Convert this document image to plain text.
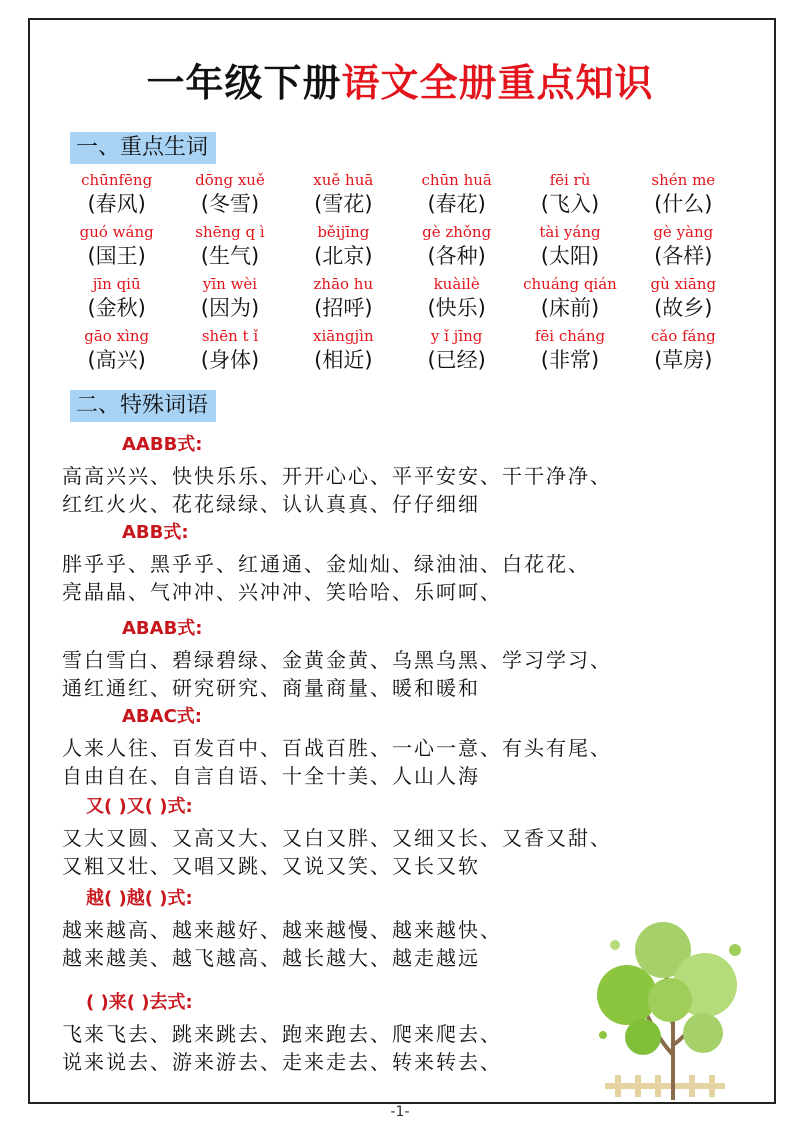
一年级下册语文全册重点知识
一、重点生词
chūnfēng
(春风)
dōng xuě
(冬雪)
xuě huā
(雪花)
chūn huā
(春花)
fēi rù
(飞入)
shén me
(什么)
guó wáng
(国王)
shēng q ì
(生气)
běijīng
(北京)
gè zhǒng
(各种)
tài yáng
(太阳)
gè yàng
(各样)
jīn qiū
(金秋)
yīn wèi
(因为)
zhāo hu
(招呼)
kuàilè
(快乐)
chuáng qián
(床前)
gù xiāng
(故乡)
gāo xìng
(高兴)
shēn t ǐ
(身体)
xiāngjìn
(相近)
y ǐ jīng
(已经)
fēi cháng
(非常)
cǎo fáng
(草房)
二、特殊词语
AABB式:
高高兴兴、快快乐乐、开开心心、平平安安、干干净净、
红红火火、花花绿绿、认认真真、仔仔细细
ABB式:
胖乎乎、黑乎乎、红通通、金灿灿、绿油油、白花花、
亮晶晶、气冲冲、兴冲冲、笑哈哈、乐呵呵、
ABAB式:
雪白雪白、碧绿碧绿、金黄金黄、乌黑乌黑、学习学习、
通红通红、研究研究、商量商量、暖和暖和
ABAC式:
人来人往、百发百中、百战百胜、一心一意、有头有尾、
自由自在、自言自语、十全十美、人山人海
又( )又( )式:
又大又圆、又高又大、又白又胖、又细又长、又香又甜、
又粗又壮、又唱又跳、又说又笑、又长又软
越( )越( )式:
越来越高、越来越好、越来越慢、越来越快、
越来越美、越飞越高、越长越大、越走越远
( )来( )去式:
飞来飞去、跳来跳去、跑来跑去、爬来爬去、
说来说去、游来游去、走来走去、转来转去、
-1-
